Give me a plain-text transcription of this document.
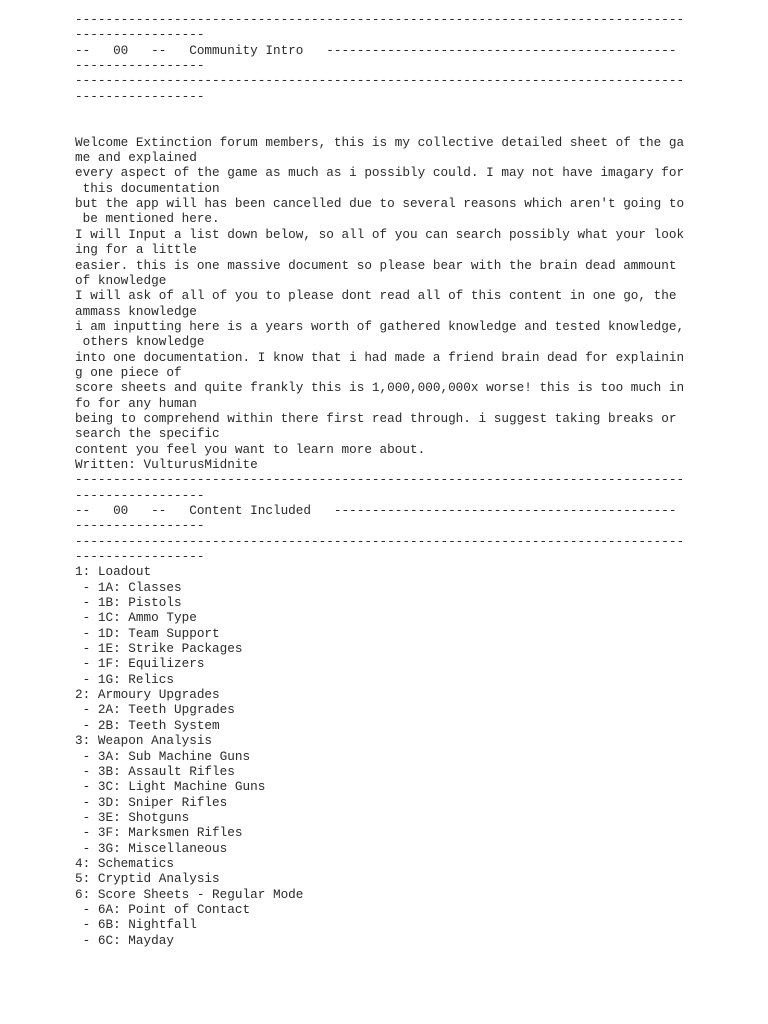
--------------------------------------------------------------------------------
-----------------
--   00   --   Community Intro   ----------------------------------------------
-----------------
--------------------------------------------------------------------------------
-----------------
Welcome Extinction forum members, this is my collective detailed sheet of the ga
me and explained
every aspect of the game as much as i possibly could. I may not have imagary for
this documentation
but the app will has been cancelled due to several reasons which aren't going to
be mentioned here.
I will Input a list down below, so all of you can search possibly what your look
ing for a little
easier. this is one massive document so please bear with the brain dead ammount
of knowledge
I will ask of all of you to please dont read all of this content in one go, the
ammass knowledge
i am inputting here is a years worth of gathered knowledge and tested knowledge,
others knowledge
into one documentation. I know that i had made a friend brain dead for explainin
g one piece of
score sheets and quite frankly this is 1,000,000,000x worse! this is too much in
fo for any human
being to comprehend within there first read through. i suggest taking breaks or
search the specific
content you feel you want to learn more about.
Written: VulturusMidnite
--------------------------------------------------------------------------------
-----------------
--   00   --   Content Included   ---------------------------------------------
-----------------
--------------------------------------------------------------------------------
-----------------
1: Loadout
- 1A: Classes
- 1B: Pistols
- 1C: Ammo Type
- 1D: Team Support
- 1E: Strike Packages
- 1F: Equilizers
- 1G: Relics
2: Armoury Upgrades
- 2A: Teeth Upgrades
- 2B: Teeth System
3: Weapon Analysis
- 3A: Sub Machine Guns
- 3B: Assault Rifles
- 3C: Light Machine Guns
- 3D: Sniper Rifles
- 3E: Shotguns
- 3F: Marksmen Rifles
- 3G: Miscellaneous
4: Schematics
5: Cryptid Analysis
6: Score Sheets - Regular Mode
- 6A: Point of Contact
- 6B: Nightfall
- 6C: Mayday
